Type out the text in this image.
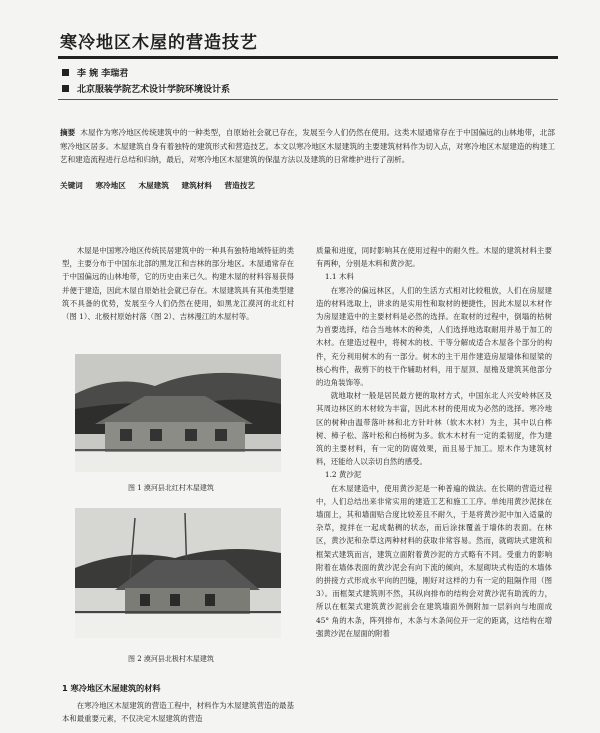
寒冷地区木屋的营造技艺
李 婉 李瑞君
北京服装学院艺术设计学院环境设计系
摘要 木屋作为寒冷地区传统建筑中的一种类型，自原始社会就已存在，发展至今人们仍然在使用。这类木屋通常存在于中国偏远的山林地带，北部寒冷地区居多。木屋建筑自身有着独特的建筑形式和营造技艺。本文以寒冷地区木屋建筑的主要建筑材料作为切入点，对寒冷地区木屋建造的构建工艺和建造流程进行总结和归纳，最后，对寒冷地区木屋建筑的保温方法以及建筑的日常维护进行了剖析。
关键词 寒冷地区 木屋建筑 建筑材料 营造技艺

木屋是中国寒冷地区传统民居建筑中的一种具有独特地域特征的类型，主要分布于中国东北部的黑龙江和吉林的部分地区。木屋通常存在于中国偏远的山林地带，它的历史由来已久。构建木屋的材料容易获得并便于建造，因此木屋自原始社会就已存在。木屋建筑具有其他类型建筑不具备的优势，发展至今人们仍然在使用，如黑龙江漠河的北红村（图 1）、北极村原始村落（图 2）、吉林漫江的木屋村等。

图 1 漠河县北红村木屋建筑
图 2 漠河县北极村木屋建筑
1 寒冷地区木屋建筑的材料

在寒冷地区木屋建筑的营造工程中，材料作为木屋建筑营造的最基本和最重要元素，不仅决定木屋建筑的营造

质量和进度，同时影响其在使用过程中的耐久性。木屋的建筑材料主要有两种，分别是木料和黄沙泥。

1.1 木料

在寒冷的偏远林区，人们的生活方式相对比较粗放，人们在房屋建造的材料选取上，讲求的是实用性和取材的便捷性，因此木屋以木材作为房屋建造中的主要材料是必然的选择。在取材的过程中，倒塌的枯树为首要选择，结合当地林木的种类，人们选择地选取耐用并易于加工的木材。在建造过程中，将树木的枝、干等分解成适合木屋各个部分的构件，充分利用树木的有一部分。树木的主干用作建造房屋墙体和屋梁的核心构件，裁剪下的枝干作辅助材料，用于屋顶、屋檐及建筑其他部分的边角装饰等。

就地取材一般是居民最方便的取材方式，中国东北人兴安岭林区及其周边林区的木材较为丰富，因此木材的使用成为必然的选择。寒冷地区的树种由温带落叶林和北方针叶林（软木木材）为主，其中以白桦树、樟子松、落叶松和白杨树为多。软木木材有一定的柔韧度，作为建筑的主要材料，有一定的防腐效果，而且易于加工。原木作为建筑材料，还能给人以亲切自然的感受。

1.2 黄沙泥

在木屋建造中，使用黄沙泥是一种普遍的做法。在长期的营造过程中，人们总结出来非常实用的建造工艺和施工工序。单纯用黄沙泥抹在墙面上，其和墙面贴合度比较差且不耐久，于是将黄沙泥中加入适量的杂草，搅拌在一起成黏稠的状态，而后涂抹覆盖于墙体的表面。在林区，黄沙泥和杂草这两种材料的获取非常容易。然而，就砌块式建筑和框架式建筑而言，建筑立面附着黄沙泥的方式略有不同。受重力的影响附着在墙体表面的黄沙泥会有向下流的倾向，木屋砌块式构造的木墙体的拼接方式形成水平向的凹缝，刚好对这样的力有一定的阻隔作用（图 3）。而框架式建筑则不然，其纵向排布的结构会对黄沙泥有助流的力，所以在框架式建筑黄沙泥前会在建筑墙面外侧附加一层斜向与地面成 45° 角的木条，阵列排布，木条与木条间位开一定的距离，这结构在增强黄沙泥在屋面的附着
